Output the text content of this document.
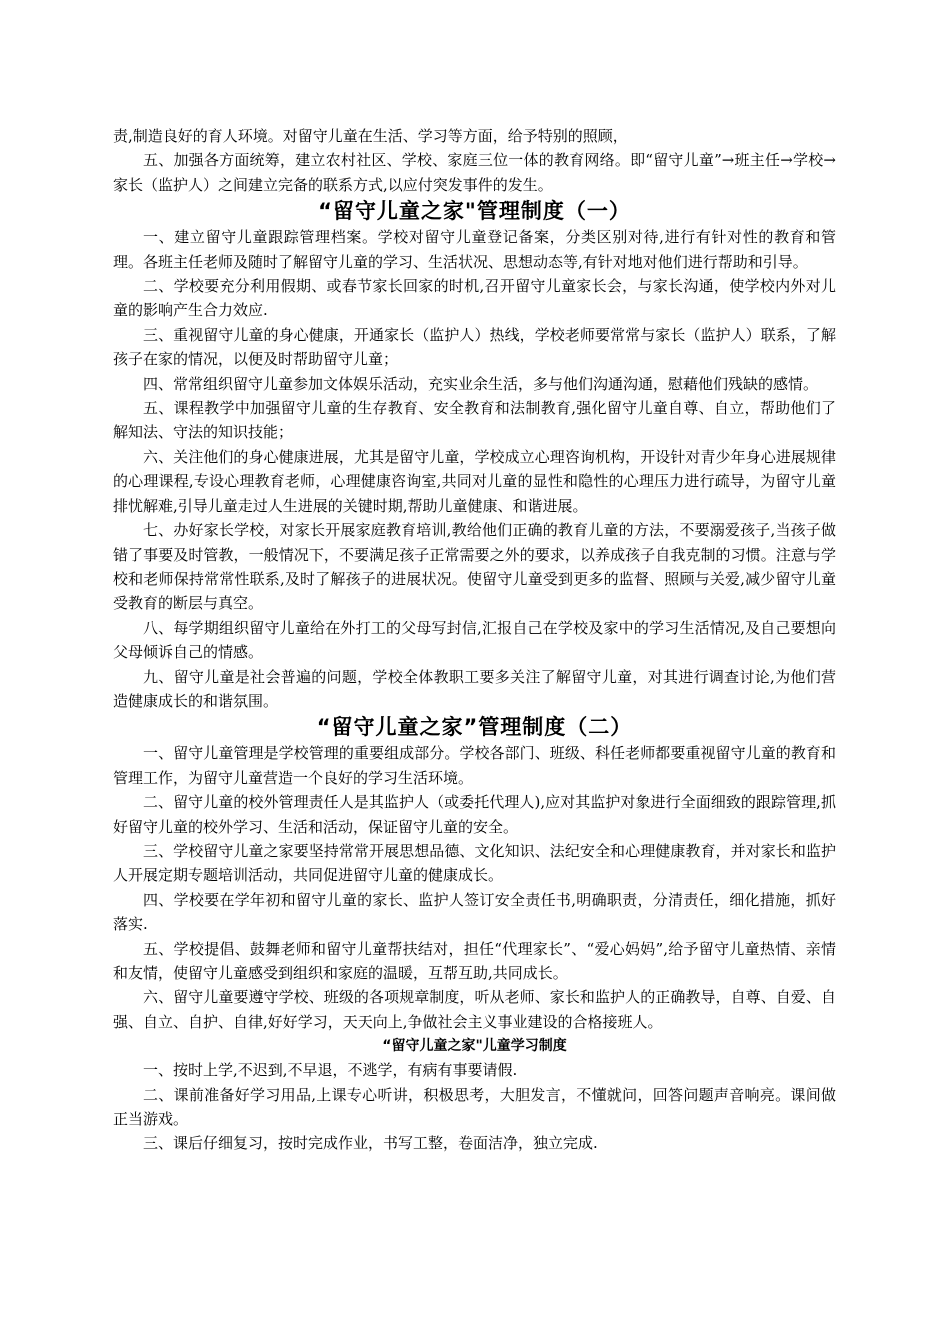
责,制造良好的育人环境。对留守儿童在生活、学习等方面，给予特别的照顾，

五、加强各方面统筹，建立农村社区、学校、家庭三位一体的教育网络。即“留守儿童”→班主任→学校→家长（监护人）之间建立完备的联系方式,以应付突发事件的发生。

“留守儿童之家"管理制度（一）

一、建立留守儿童跟踪管理档案。学校对留守儿童登记备案，分类区别对待,进行有针对性的教育和管理。各班主任老师及随时了解留守儿童的学习、生活状况、思想动态等,有针对地对他们进行帮助和引导。

二、学校要充分利用假期、或春节家长回家的时机,召开留守儿童家长会，与家长沟通，使学校内外对儿童的影响产生合力效应.

三、重视留守儿童的身心健康，开通家长（监护人）热线，学校老师要常常与家长（监护人）联系，了解孩子在家的情况，以便及时帮助留守儿童；

四、常常组织留守儿童参加文体娱乐活动，充实业余生活，多与他们沟通沟通，慰藉他们残缺的感情。

五、课程教学中加强留守儿童的生存教育、安全教育和法制教育,强化留守儿童自尊、自立，帮助他们了解知法、守法的知识技能；

六、关注他们的身心健康进展，尤其是留守儿童，学校成立心理咨询机构，开设针对青少年身心进展规律的心理课程,专设心理教育老师，心理健康咨询室,共同对儿童的显性和隐性的心理压力进行疏导，为留守儿童排忧解难,引导儿童走过人生进展的关键时期,帮助儿童健康、和谐进展。

七、办好家长学校，对家长开展家庭教育培训,教给他们正确的教育儿童的方法，不要溺爱孩子,当孩子做错了事要及时管教，一般情况下，不要满足孩子正常需要之外的要求，以养成孩子自我克制的习惯。注意与学校和老师保持常常性联系,及时了解孩子的进展状况。使留守儿童受到更多的监督、照顾与关爱,减少留守儿童受教育的断层与真空。

八、每学期组织留守儿童给在外打工的父母写封信,汇报自己在学校及家中的学习生活情况,及自己要想向父母倾诉自己的情感。

九、留守儿童是社会普遍的问题，学校全体教职工要多关注了解留守儿童，对其进行调查讨论,为他们营造健康成长的和谐氛围。

“留守儿童之家”管理制度（二）

一、留守儿童管理是学校管理的重要组成部分。学校各部门、班级、科任老师都要重视留守儿童的教育和管理工作，为留守儿童营造一个良好的学习生活环境。

二、留守儿童的校外管理责任人是其监护人（或委托代理人),应对其监护对象进行全面细致的跟踪管理,抓好留守儿童的校外学习、生活和活动，保证留守儿童的安全。

三、学校留守儿童之家要坚持常常开展思想品德、文化知识、法纪安全和心理健康教育，并对家长和监护人开展定期专题培训活动，共同促进留守儿童的健康成长。

四、学校要在学年初和留守儿童的家长、监护人签订安全责任书,明确职责，分清责任，细化措施，抓好落实.

五、学校提倡、鼓舞老师和留守儿童帮扶结对，担任“代理家长”、“爱心妈妈”,给予留守儿童热情、亲情和友情，使留守儿童感受到组织和家庭的温暖，互帮互助,共同成长。

六、留守儿童要遵守学校、班级的各项规章制度，听从老师、家长和监护人的正确教导，自尊、自爱、自强、自立、自护、自律,好好学习，天天向上,争做社会主义事业建设的合格接班人。

“留守儿童之家"儿童学习制度

一、按时上学,不迟到,不早退，不逃学，有病有事要请假.

二、课前准备好学习用品,上课专心听讲，积极思考，大胆发言，不懂就问，回答问题声音响亮。课间做正当游戏。

三、课后仔细复习，按时完成作业，书写工整，卷面洁净，独立完成.
